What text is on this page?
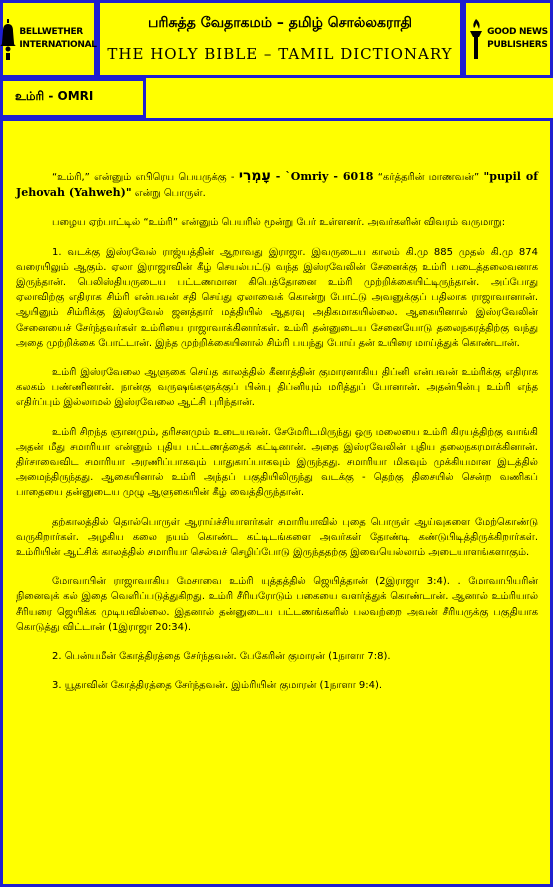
BELLWETHER
INTERNATIONAL
பரிசுத்த வேதாகமம் – தமிழ் சொல்லகராதி
THE HOLY BIBLE – TAMIL DICTIONARY
GOOD NEWS
PUBLISHERS
உம்ரி - OMRI

“உம்ரி,” என்னும் எபிரெய பெயருக்கு - עָמְרִי - `Omriy - 6018 “கர்த்தரின் மாணவன்” "pupil of Jehovah (Yahweh)" என்று பொருள்.

பழைய ஏற்பாட்டில் “உம்ரி” என்னும் பெயரில் மூன்று பேர் உள்ளனர். அவர்களின் விவரம் வருமாறு:

1. வடக்கு இஸ்ரவேல் ராஜ்யத்தின் ஆறாவது இராஜா. இவருடைய காலம் கி.மு 885 முதல் கி.மு 874 வரையிலும் ஆகும். ஏலா இராஜாவின் கீழ் செயல்பட்டு வந்த இஸ்ரவேலின் சேனைக்கு உம்ரி படைத்தலைவனாக இருந்தான். பெலிஸ்தியருடைய பட்டணமான கிபெத்தோனை உம்ரி முற்றிக்கையிட்டிருந்தான். அப்போது ஏலாவிற்கு எதிராக சிம்ரி என்பவன் சதி செய்து ஏலாவைக் கொன்று போட்டு அவனுக்குப் பதிலாக ராஜாவானான். ஆயினும் சிம்ரிக்கு இஸ்ரவேல் ஜனத்தார் மத்தியில் ஆதரவு அதிகமாகயில்லை. ஆகையினால் இஸ்ரவேலின் சேனையைச் சேர்ந்தவர்கள் உம்ரியை ராஜாவாக்கினார்கள். உம்ரி தன்னுடைய சேனையோடு தலைநகரத்திற்கு வந்து அதை முற்றிக்கை போட்டான். இந்த முற்றிக்கையினால் சிம்ரி பயந்து போய் தன் உயிரை மாய்த்துக் கொண்டான்.

உம்ரி இஸ்ரவேலை ஆளுகை செய்த காலத்தில் கீனாத்தின் குமாரனாகிய திப்னி என்பவன் உம்ரிக்கு எதிராக கலகம் பண்ணினான். நான்கு வருஷங்களுக்குப் பின்பு திப்னியும் மரித்துப் போனான். அதன்பின்பு உம்ரி எந்த எதிர்ப்பும் இல்லாமல் இஸ்ரவேலை ஆட்சி புரிந்தான்.

உம்ரி சிறந்த ஞானமும், தரிசனமும் உடையவன். சேமேரிடமிருந்து ஒரு மலையை உம்ரி கிரயத்திற்கு வாங்கி அதன் மீது சமாரியா என்னும் புதிய பட்டணத்தைக் கட்டினான். அதை இஸ்ரவேலின் புதிய தலைநகரமாக்கினான். திர்சாவைவிட சமாரியா அரணிப்பாகவும் பாதுகாப்பாகவும் இருந்தது. சமாரியா மிகவும் முக்கியமான இடத்தில் அமைந்திருந்தது. ஆகையினால் உம்ரி அந்தப் பகுதியிலிருந்து வடக்கு - தெற்கு திசையில் சென்ற வணிகப் பாதையை தன்னுடைய முழு ஆளுகையின் கீழ் வைத்திருந்தான்.

தற்காலத்தில் தொல்பொருள் ஆராய்ச்சியாளர்கள் சமாரியாவில் புதை பொருள் ஆய்வுகளை மேற்கொண்டு வருகிறார்கள். அழகிய கலை நயம் கொண்ட கட்டிடங்களை அவர்கள் தோண்டி கண்டுபிடித்திருக்கிறார்கள். உம்ரியின் ஆட்சிக் காலத்தில் சமாரியா செல்வச் செழிப்போடு இருந்ததற்கு இவையெல்லாம் அடையாளங்களாகும்.

மோவாபின் ராஜாவாகிய மேசாவை உம்ரி யுத்தத்தில் ஜெயித்தான் (2இராஜா 3:4). . மோவாபியரின் நினைவுக் கல் இதை வெளிப்படுத்துகிறது. உம்ரி சீரியரோடும் பகையை வளர்த்துக் கொண்டான். ஆனால் உம்ரியால் சீரியரை ஜெயிக்க முடியவில்லை. இதனால் தன்னுடைய பட்டணங்களில் பலவற்றை அவன் சீரியருக்கு பகுதியாக கொடுத்து விட்டான் (1இராஜா 20:34).

2. பென்யமீன் கோத்திரத்தை சேர்ந்தவன். பேகேரின் குமாரன் (1நாளா 7:8).

3. யூதாவின் கோத்திரத்தை சேர்ந்தவன். இம்ரியின் குமாரன் (1நாளா 9:4).
